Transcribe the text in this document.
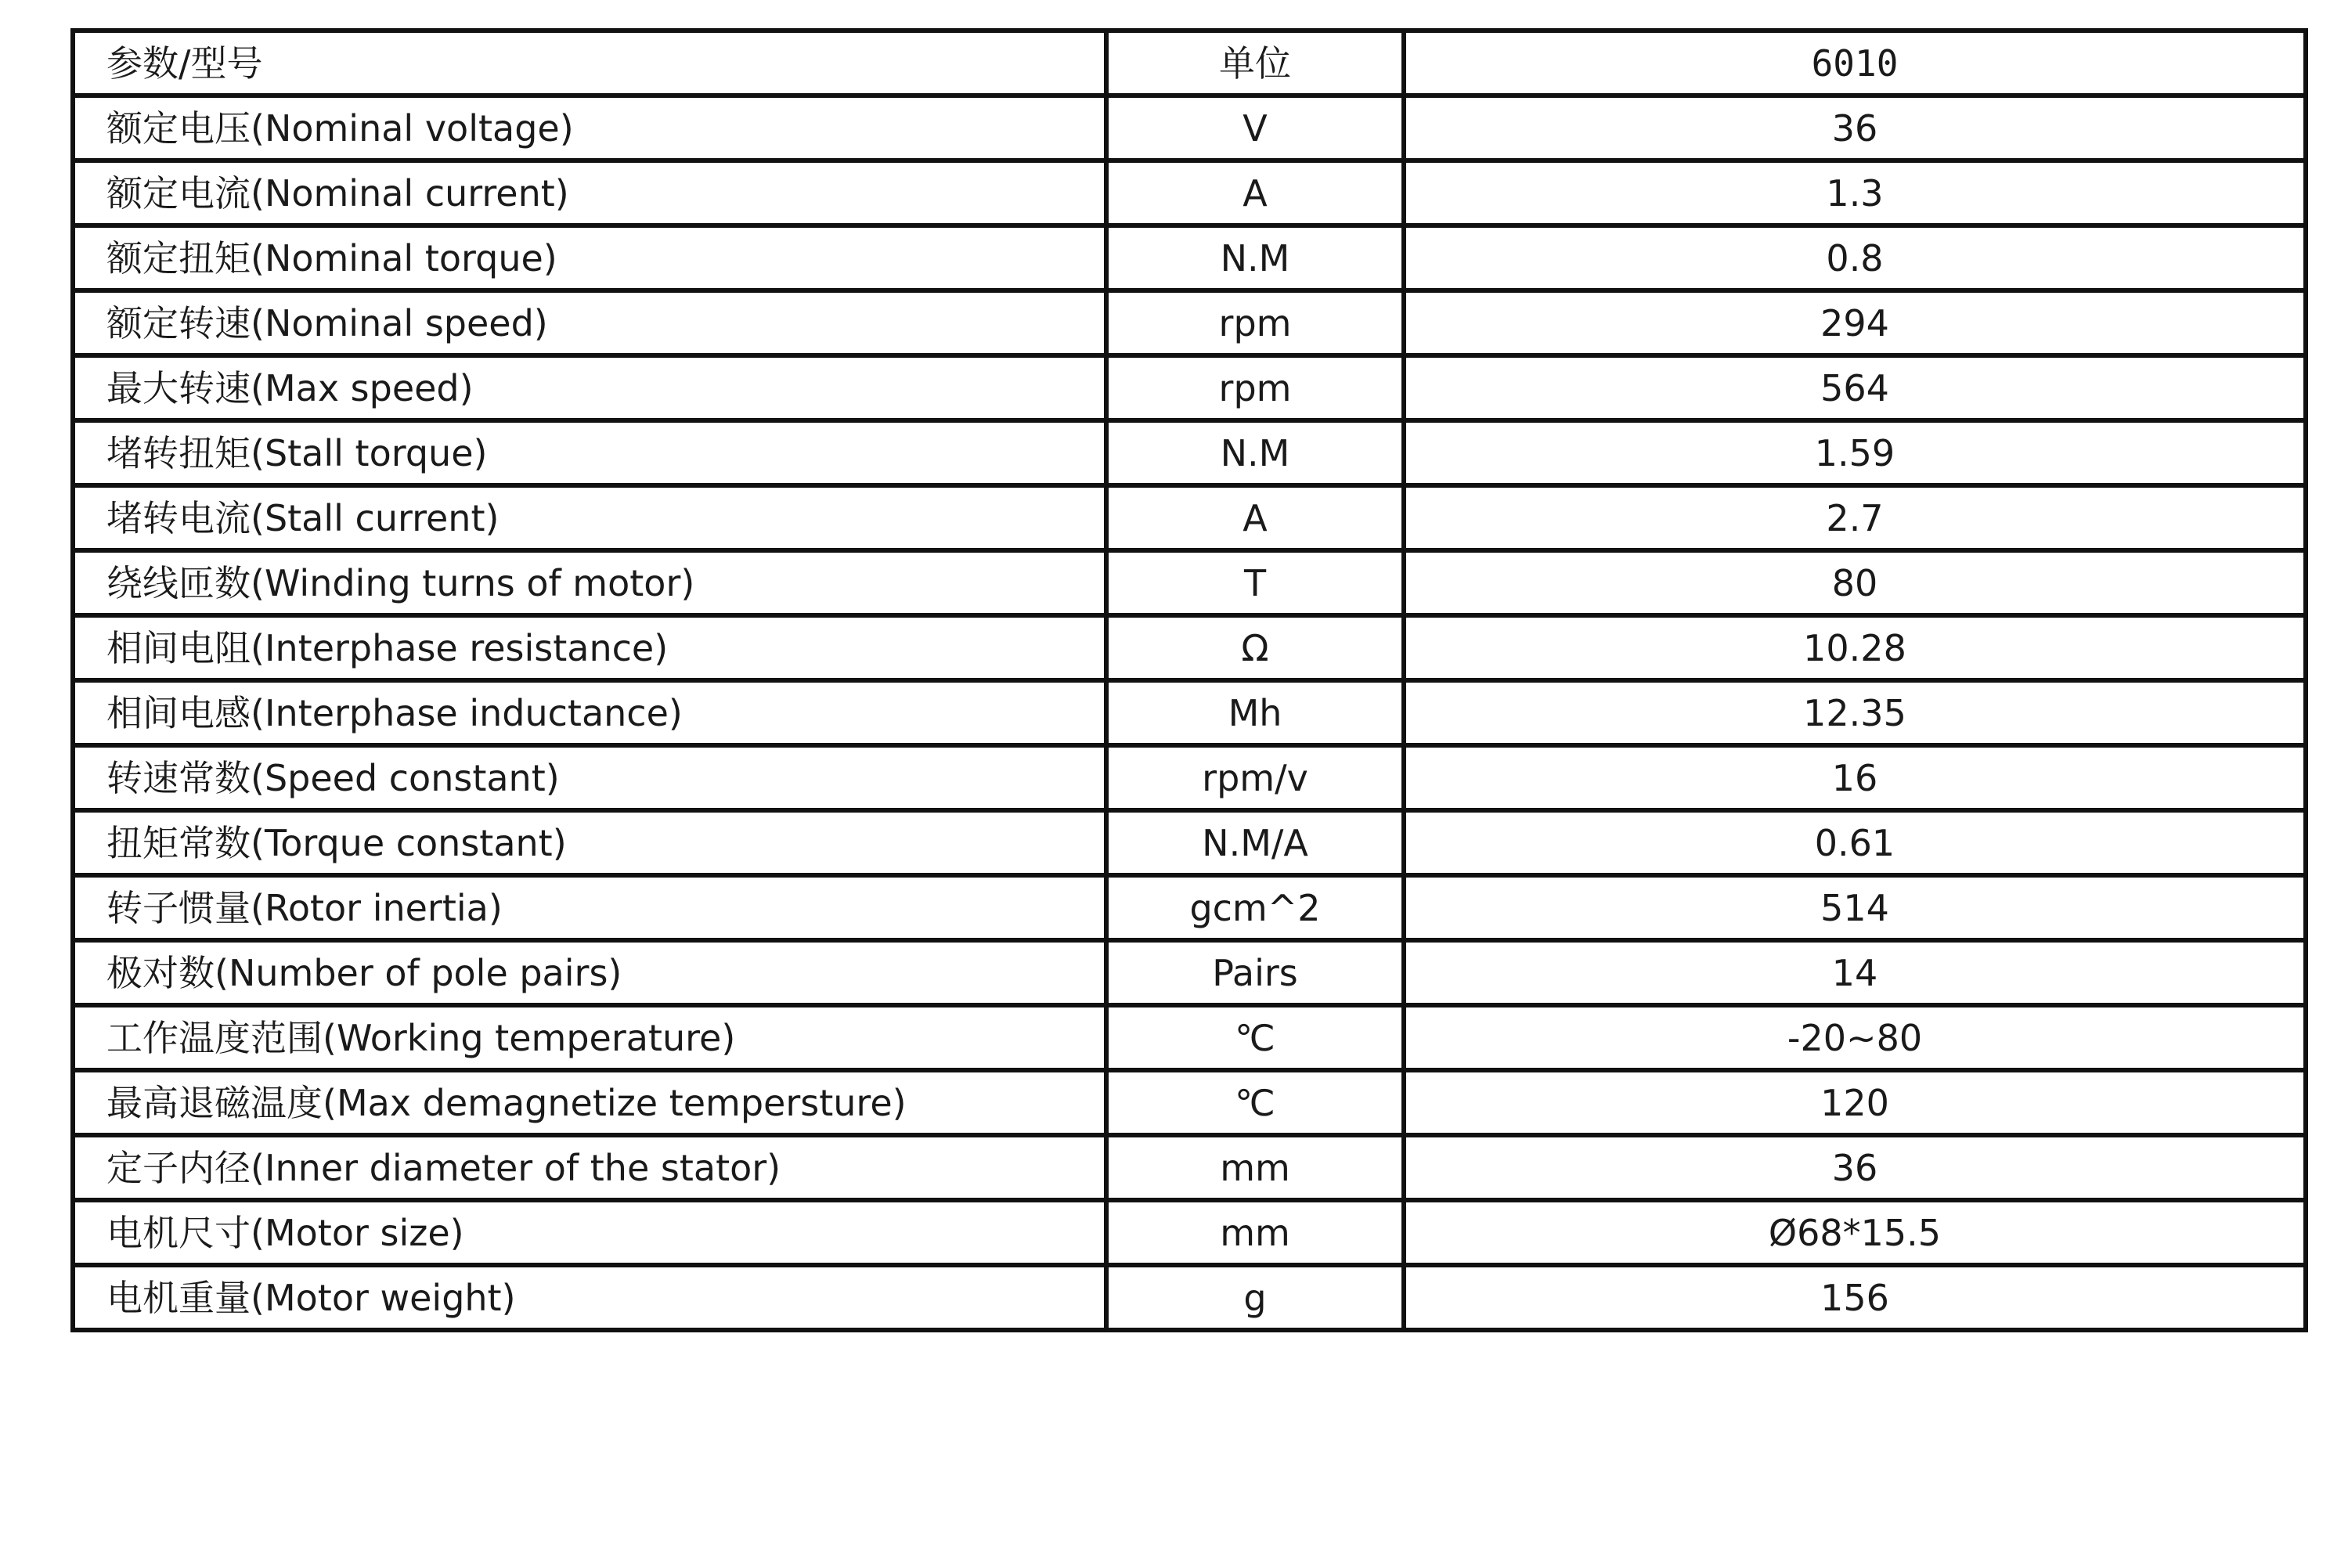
参数/型号	单位	6010
额定电压(Nominal voltage)	V	36
额定电流(Nominal current)	A	1.3
额定扭矩(Nominal torque)	N.M	0.8
额定转速(Nominal speed)	rpm	294
最大转速(Max speed)	rpm	564
堵转扭矩(Stall torque)	N.M	1.59
堵转电流(Stall current)	A	2.7
绕线匝数(Winding turns of motor)	T	80
相间电阻(Interphase resistance)	Ω	10.28
相间电感(Interphase inductance)	Mh	12.35
转速常数(Speed constant)	rpm/v	16
扭矩常数(Torque constant)	N.M/A	0.61
转子惯量(Rotor inertia)	gcm^2	514
极对数(Number of pole pairs)	Pairs	14
工作温度范围(Working temperature)	℃	-20~80
最高退磁温度(Max demagnetize tempersture)	℃	120
定子内径(Inner diameter of the stator)	mm	36
电机尺寸(Motor size)	mm	Ø68*15.5
电机重量(Motor weight)	g	156
